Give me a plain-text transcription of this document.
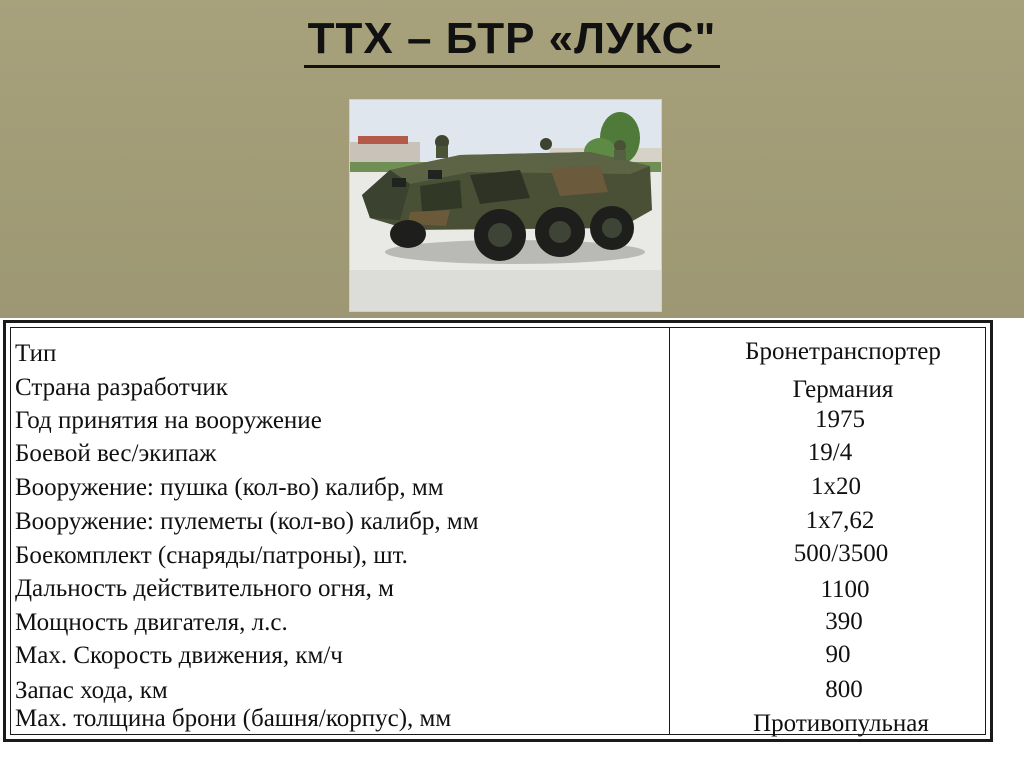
ТТХ – БТР «ЛУКС"
Тип
Страна разработчик
Год принятия на вооружение
Боевой вес/экипаж
Вооружение: пушка (кол-во) калибр, мм
Вооружение: пулеметы (кол-во) калибр, мм
Боекомплект (снаряды/патроны), шт.
Дальность действительного огня, м
Мощность двигателя, л.с.
Max. Скорость движения, км/ч
Запас хода, км
Max. толщина брони (башня/корпус), мм
Бронетранспортер
Германия
1975
19/4
1x20
1x7,62
500/3500
1100
390
90
800
Противопульная
